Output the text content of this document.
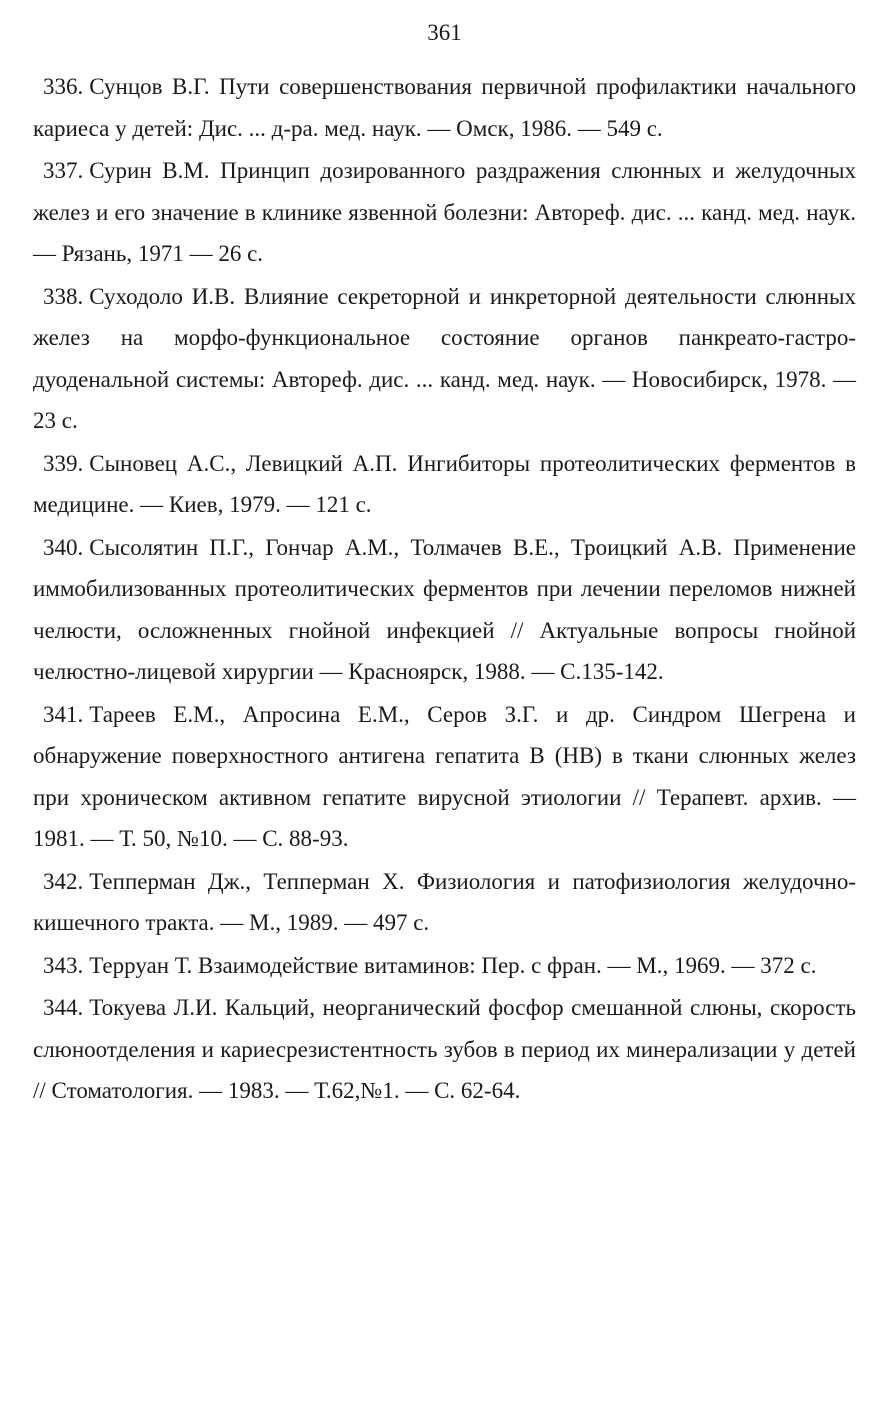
361
336. Сунцов В.Г. Пути совершенствования первичной профилактики начального кариеса у детей: Дис. ... д-ра. мед. наук. — Омск, 1986. — 549 с.
337. Сурин В.М. Принцип дозированного раздражения слюнных и желудочных желез и его значение в клинике язвенной болезни: Автореф. дис. ... канд. мед. наук. — Рязань, 1971 — 26 с.
338. Суходоло И.В. Влияние секреторной и инкреторной деятельности слюнных желез на морфо-функциональное состояние органов панкреато-гастро-дуоденальной системы: Автореф. дис. ... канд. мед. наук. — Новосибирск, 1978. — 23 с.
339. Сыновец А.С., Левицкий А.П. Ингибиторы протеолитических ферментов в медицине. — Киев, 1979. — 121 с.
340. Сысолятин П.Г., Гончар А.М., Толмачев В.Е., Троицкий А.В. Применение иммобилизованных протеолитических ферментов при лечении переломов нижней челюсти, осложненных гнойной инфекцией // Актуальные вопросы гнойной челюстно-лицевой хирургии — Красноярск, 1988. — С.135-142.
341. Тареев Е.М., Апросина Е.М., Серов З.Г. и др. Синдром Шегрена и обнаружение поверхностного антигена гепатита В (НВ) в ткани слюнных желез при хроническом активном гепатите вирусной этиологии // Терапевт. архив. — 1981. — Т. 50, №10. — С. 88-93.
342. Тепперман Дж., Тепперман X. Физиология и патофизиология желудочно-кишечного тракта. — М., 1989. — 497 с.
343. Терруан Т. Взаимодействие витаминов: Пер. с фран. — М., 1969. — 372 с.
344. Токуева Л.И. Кальций, неорганический фосфор смешанной слюны, скорость слюноотделения и кариесрезистентность зубов в период их минерализации у детей // Стоматология. — 1983. — Т.62,№1. — С. 62-64.
